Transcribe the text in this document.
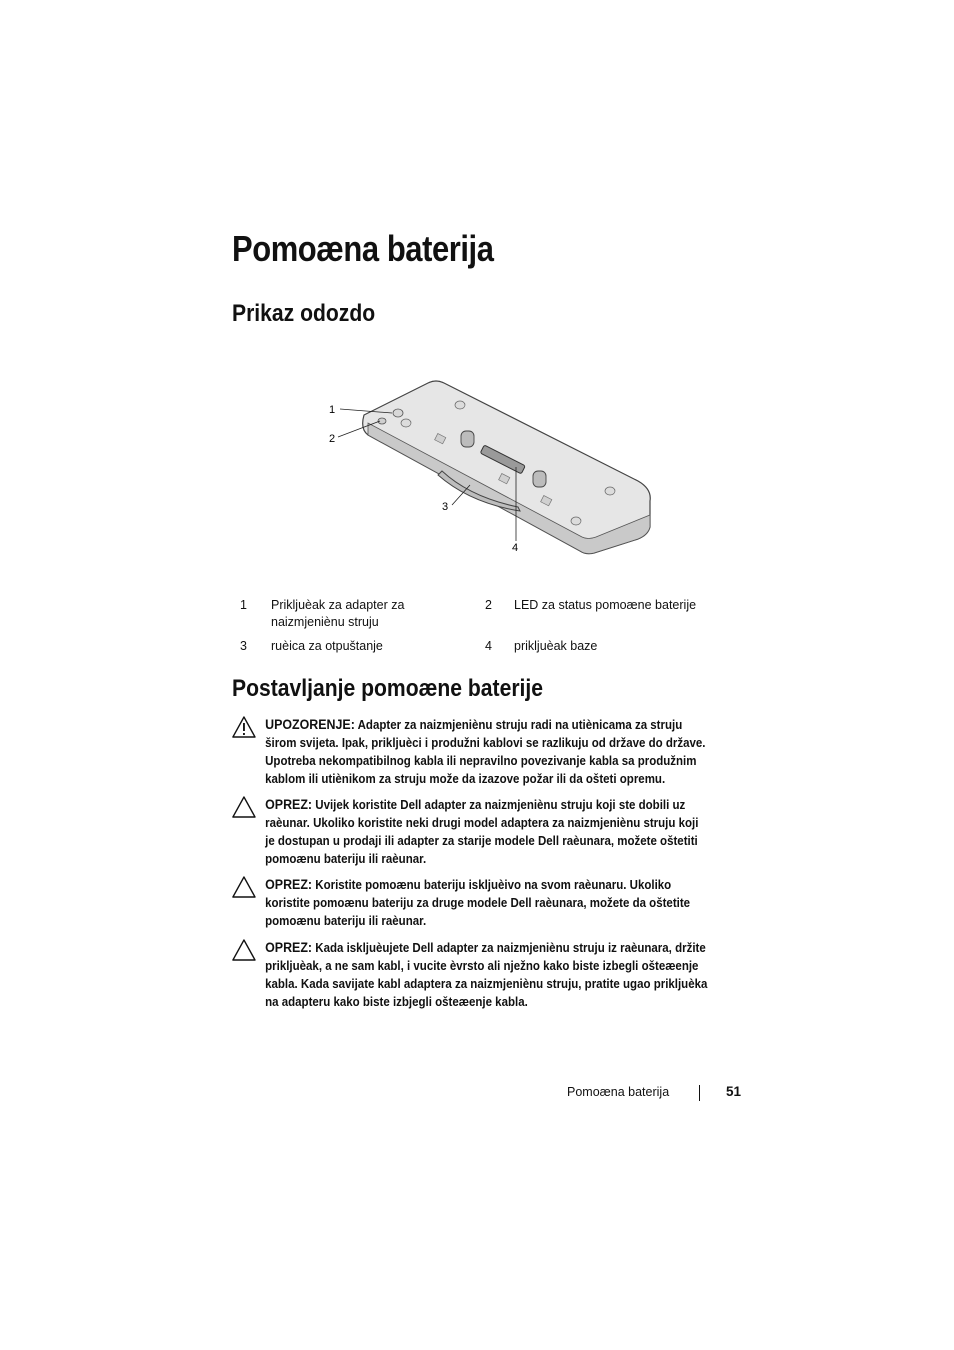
Pomoæna baterija
Prikaz odozdo
1
2
3
4
1 Prikljuèak za adapter za naizmjeniènu struju
2 LED za status pomoæne baterije
3 ruèica za otpuštanje	4 prikljuèak baze
Postavljanje pomoæne baterije
UPOZORENJE: Adapter za naizmjeniènu struju radi na utiènicama za struju širom svijeta. Ipak, prikljuèci i produžni kablovi se razlikuju od države do države. Upotreba nekompatibilnog kabla ili nepravilno povezivanje kabla sa produžnim kablom ili utiènikom za struju može da izazove požar ili da ošteti opremu.
OPREZ: Uvijek koristite Dell adapter za naizmjeniènu struju koji ste dobili uz raèunar. Ukoliko koristite neki drugi model adaptera za naizmjeniènu struju koji je dostupan u prodaji ili adapter za starije modele Dell raèunara, možete oštetiti pomoænu bateriju ili raèunar.
OPREZ: Koristite pomoænu bateriju iskljuèivo na svom raèunaru. Ukoliko koristite pomoænu bateriju za druge modele Dell raèunara, možete da oštetite pomoænu bateriju ili raèunar.
OPREZ: Kada iskljuèujete Dell adapter za naizmjeniènu struju iz raèunara, držite prikljuèak, a ne sam kabl, i vucite èvrsto ali nježno kako biste izbegli ošteæenje kabla. Kada savijate kabl adaptera za naizmjeniènu struju, pratite ugao prikljuèka na adapteru kako biste izbjegli ošteæenje kabla.
Pomoæna baterija	51
